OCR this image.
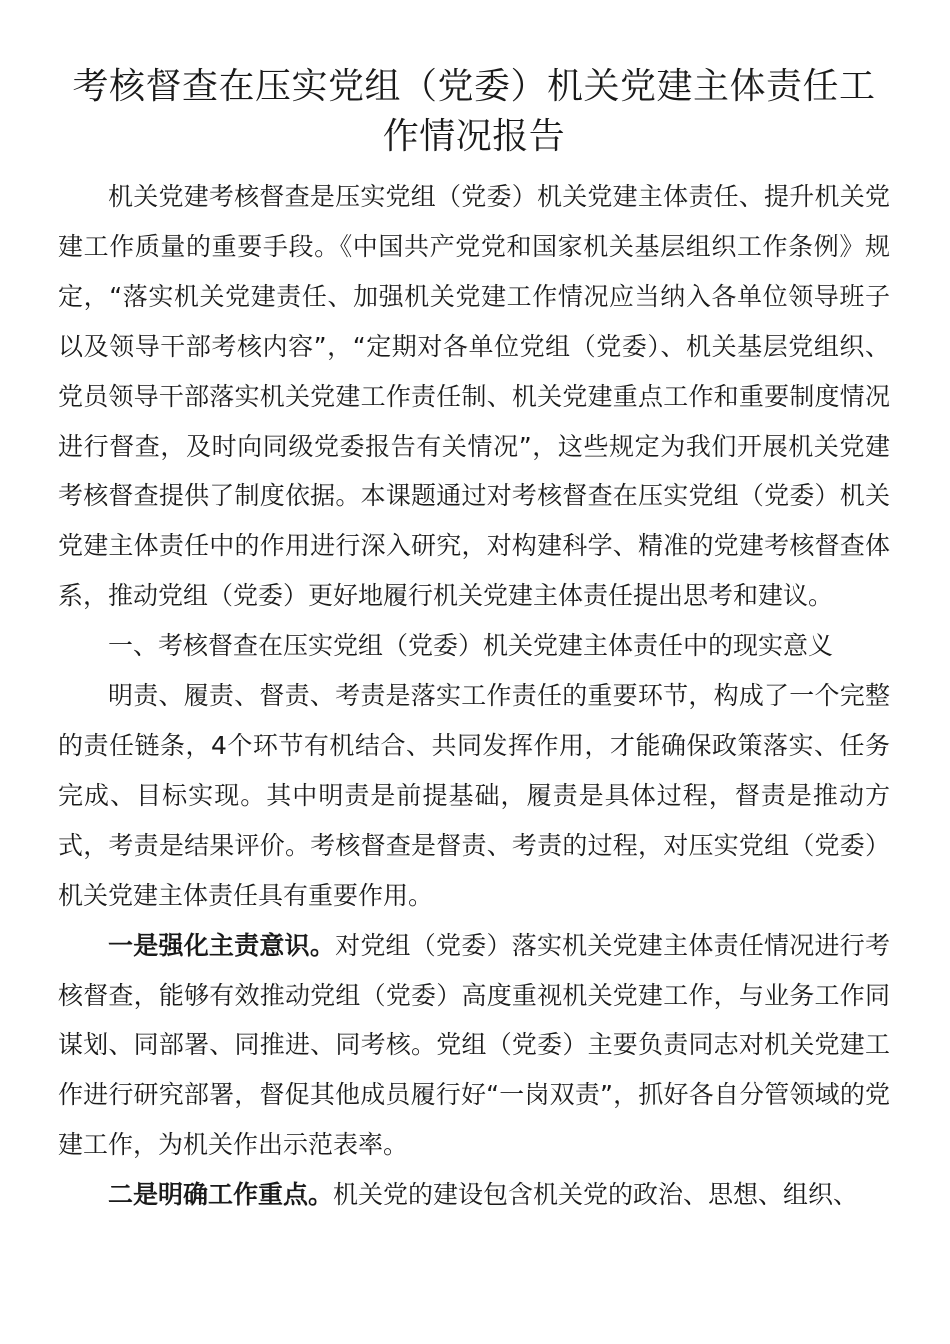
考核督查在压实党组（党委）机关党建主体责任工作情况报告

机关党建考核督查是压实党组（党委）机关党建主体责任、提升机关党建工作质量的重要手段。《中国共产党党和国家机关基层组织工作条例》规定，“落实机关党建责任、加强机关党建工作情况应当纳入各单位领导班子以及领导干部考核内容”，“定期对各单位党组（党委）、机关基层党组织、党员领导干部落实机关党建工作责任制、机关党建重点工作和重要制度情况进行督查，及时向同级党委报告有关情况”，这些规定为我们开展机关党建考核督查提供了制度依据。本课题通过对考核督查在压实党组（党委）机关党建主体责任中的作用进行深入研究，对构建科学、精准的党建考核督查体系，推动党组（党委）更好地履行机关党建主体责任提出思考和建议。

一、考核督查在压实党组（党委）机关党建主体责任中的现实意义

明责、履责、督责、考责是落实工作责任的重要环节，构成了一个完整的责任链条，4个环节有机结合、共同发挥作用，才能确保政策落实、任务完成、目标实现。其中明责是前提基础，履责是具体过程，督责是推动方式，考责是结果评价。考核督查是督责、考责的过程，对压实党组（党委）机关党建主体责任具有重要作用。

一是强化主责意识。对党组（党委）落实机关党建主体责任情况进行考核督查，能够有效推动党组（党委）高度重视机关党建工作，与业务工作同谋划、同部署、同推进、同考核。党组（党委）主要负责同志对机关党建工作进行研究部署，督促其他成员履行好“一岗双责”，抓好各自分管领域的党建工作，为机关作出示范表率。

二是明确工作重点。机关党的建设包含机关党的政治、思想、组织、
